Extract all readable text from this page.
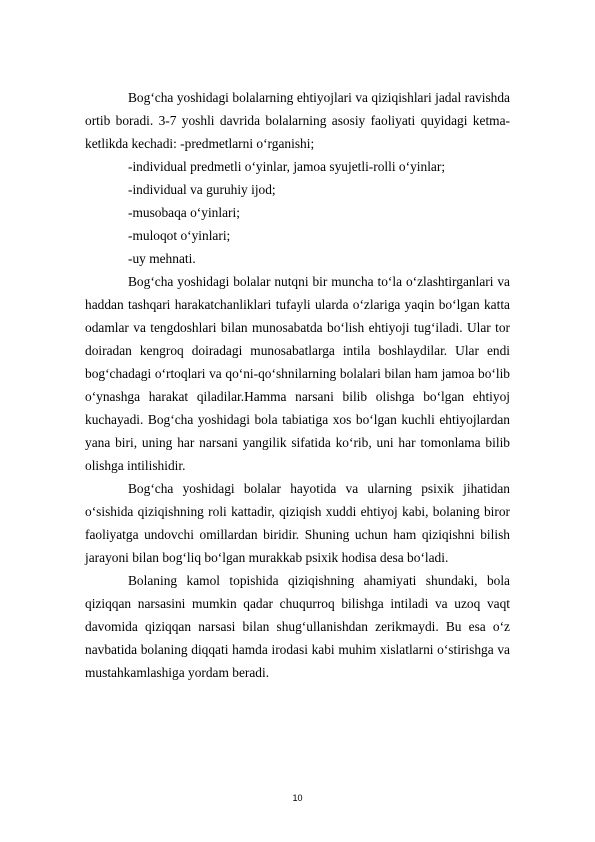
Bog‘cha yoshidagi bolalarning ehtiyojlari va qiziqishlari jadal ravishda ortib boradi. 3-7 yoshli davrida bolalarning asosiy faoliyati quyidagi ketma-ketlikda kechadi: -predmetlarni o‘rganishi;

-individual predmetli o‘yinlar, jamoa syujetli-rolli o‘yinlar;

-individual va guruhiy ijod;

-musobaqa o‘yinlari;

-muloqot o‘yinlari;

-uy mehnati.

Bog‘cha yoshidagi bolalar nutqni bir muncha to‘la o‘zlashtirganlari va haddan tashqari harakatchanliklari tufayli ularda o‘zlariga yaqin bo‘lgan katta odamlar va tengdoshlari bilan munosabatda bo‘lish ehtiyoji tug‘iladi. Ular tor doiradan kengroq doiradagi munosabatlarga intila boshlaydilar. Ular endi bog‘chadagi o‘rtoqlari va qo‘ni-qo‘shnilarning bolalari bilan ham jamoa bo‘lib o‘ynashga harakat qiladilar.Hamma narsani bilib olishga bo‘lgan ehtiyoj kuchayadi. Bog‘cha yoshidagi bola tabiatiga xos bo‘lgan kuchli ehtiyojlardan yana biri, uning har narsani yangilik sifatida ko‘rib, uni har tomonlama bilib olishga intilishidir.

Bog‘cha yoshidagi bolalar hayotida va ularning psixik jihatidan o‘sishida qiziqishning roli kattadir, qiziqish xuddi ehtiyoj kabi, bolaning biror faoliyatga undovchi omillardan biridir. Shuning uchun ham qiziqishni bilish jarayoni bilan bog‘liq bo‘lgan murakkab psixik hodisa desa bo‘ladi.

Bolaning kamol topishida qiziqishning ahamiyati shundaki, bola qiziqqan narsasini mumkin qadar chuqurroq bilishga intiladi va uzoq vaqt davomida qiziqqan narsasi bilan shug‘ullanishdan zerikmaydi. Bu esa o‘z navbatida bolaning diqqati hamda irodasi kabi muhim xislatlarni o‘stirishga va mustahkamlashiga yordam beradi.

10
